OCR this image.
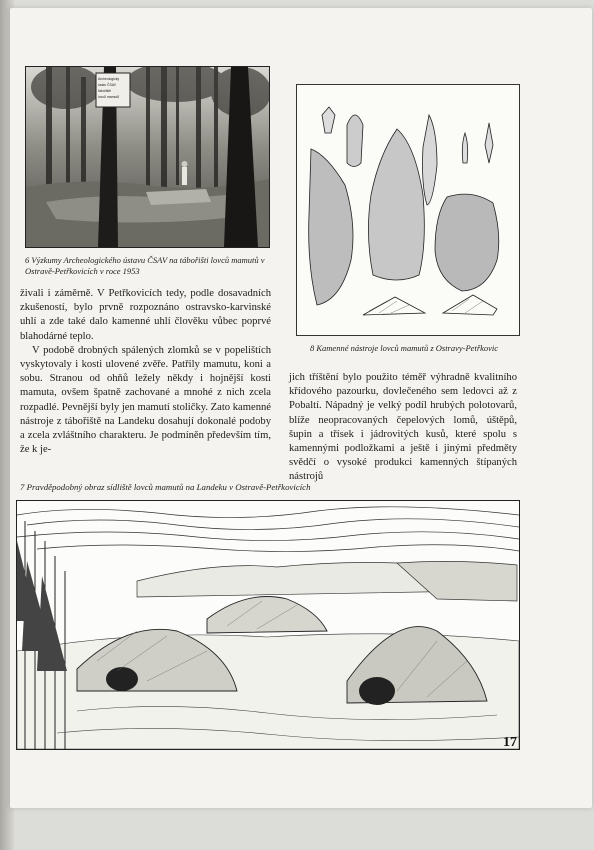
Archeologický
ústav ČSAV
tábořiště
lovců mamutů
6 Výzkumy Archeologického ústavu ČSAV na tábořišti lovců mamutů v Ostravě-Petřkovicích v roce 1953
8 Kamenné nástroje lovců mamutů z Ostravy-Petřkovic

živali i záměrně. V Petřkovicích tedy, podle dosavadních zkušeností, bylo prvně rozpoznáno ostravsko-karvinské uhlí a zde také dalo kamenné uhlí člověku vůbec poprvé blahodárné teplo.

V podobě drobných spálených zlomků se v popelištích vyskytovaly i kosti ulovené zvěře. Patřily mamutu, koni a sobu. Stranou od ohňů ležely někdy i hojnější kosti mamuta, ovšem špatně zachované a mnohé z nich zcela rozpadlé. Pevnější byly jen mamutí stoličky. Zato kamenné nástroje z tábořiště na Landeku dosahují dokonalé podoby a zcela zvláštního charakteru. Je podmíněn především tím, že k je-

jich tříštění bylo použito téměř výhradně kvalitního křídového pazourku, dovlečeného sem ledovci až z Pobaltí. Nápadný je velký podíl hrubých polotovarů, blíže neopracovaných čepelových lomů, úštěpů, šupin a třísek i jádrovitých kusů, které spolu s kamennými podložkami a ještě i jinými předměty svědčí o vysoké produkci kamenných štípaných nástrojů

7 Pravděpodobný obraz sídliště lovců mamutů na Landeku v Ostravě-Petřkovicích
17
